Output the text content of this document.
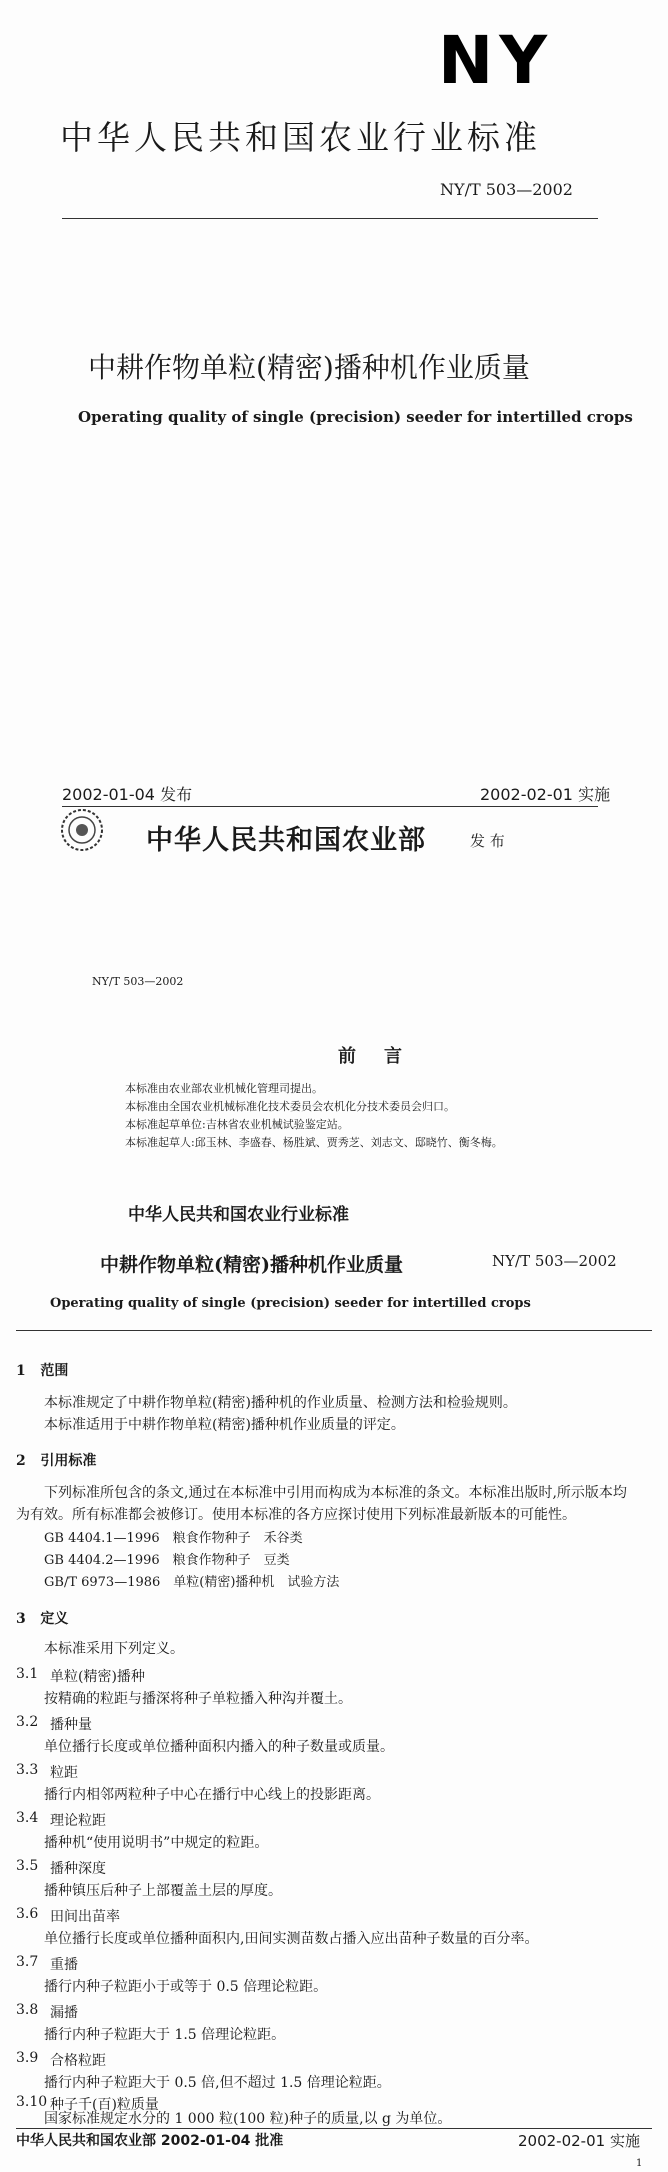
NY
中华人民共和国农业行业标准
NY/T 503—2002
中耕作物单粒(精密)播种机作业质量
Operating quality of single (precision) seeder for intertilled crops
2002-01-04 发布	2002-02-01 实施
中华人民共和国农业部	发 布
NY/T 503—2002
前言
本标准由农业部农业机械化管理司提出。
本标准由全国农业机械标准化技术委员会农机化分技术委员会归口。
本标准起草单位:吉林省农业机械试验鉴定站。
本标准起草人:邱玉林、李盛春、杨胜斌、贾秀芝、刘志文、邸晓竹、衡冬梅。
中华人民共和国农业行业标准
中耕作物单粒(精密)播种机作业质量	NY/T 503—2002
Operating quality of single (precision) seeder for intertilled crops
1 范围
本标准规定了中耕作物单粒(精密)播种机的作业质量、检测方法和检验规则。
本标准适用于中耕作物单粒(精密)播种机作业质量的评定。
2 引用标准
下列标准所包含的条文,通过在本标准中引用而构成为本标准的条文。本标准出版时,所示版本均
为有效。所有标准都会被修订。使用本标准的各方应探讨使用下列标准最新版本的可能性。
GB 4404.1—1996　粮食作物种子　禾谷类
GB 4404.2—1996　粮食作物种子　豆类
GB/T 6973—1986　单粒(精密)播种机　试验方法
3 定义
本标准采用下列定义。
3.1 单粒(精密)播种
按精确的粒距与播深将种子单粒播入种沟并覆土。
3.2 播种量
单位播行长度或单位播种面积内播入的种子数量或质量。
3.3 粒距
播行内相邻两粒种子中心在播行中心线上的投影距离。
3.4 理论粒距
播种机“使用说明书”中规定的粒距。
3.5 播种深度
播种镇压后种子上部覆盖土层的厚度。
3.6 田间出苗率
单位播行长度或单位播种面积内,田间实测苗数占播入应出苗种子数量的百分率。
3.7 重播
播行内种子粒距小于或等于 0.5 倍理论粒距。
3.8 漏播
播行内种子粒距大于 1.5 倍理论粒距。
3.9 合格粒距
播行内种子粒距大于 0.5 倍,但不超过 1.5 倍理论粒距。
3.10 种子千(百)粒质量
国家标准规定水分的 1 000 粒(100 粒)种子的质量,以 g 为单位。
中华人民共和国农业部 2002-01-04 批准	2002-02-01 实施
1
